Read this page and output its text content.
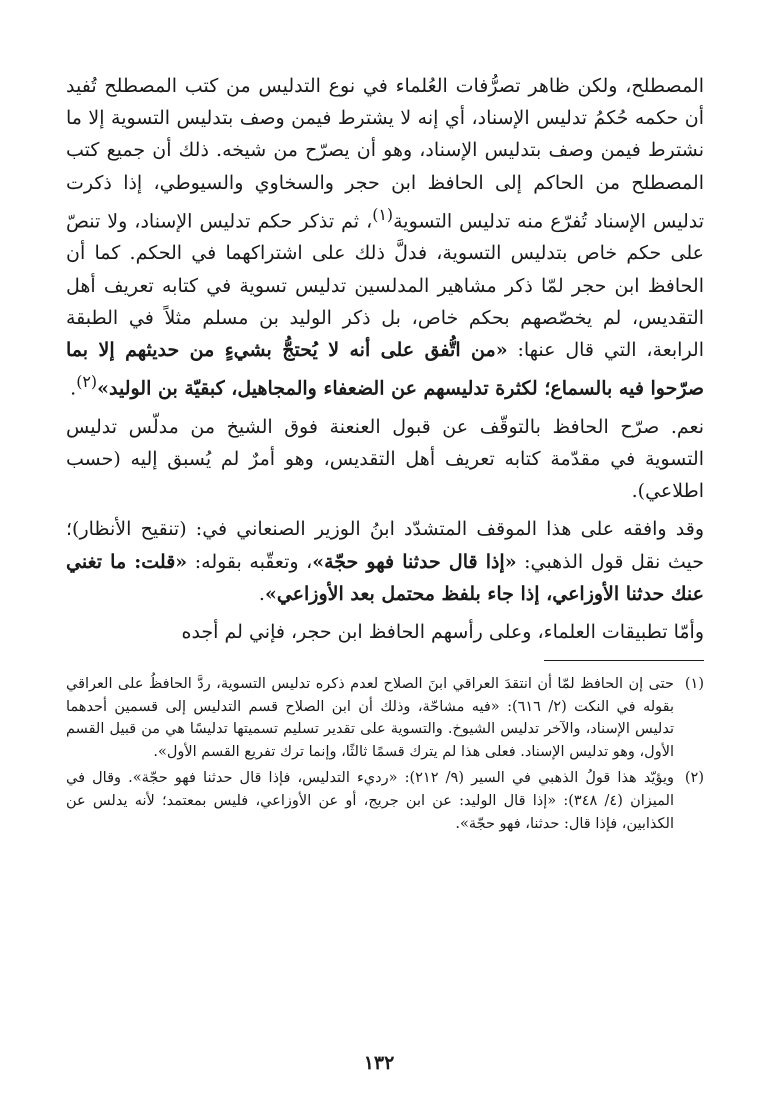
المصطلح، ولكن ظاهر تصرُّفات العُلماء في نوع التدليس من كتب المصطلح تُفيد أن حكمه حُكمُ تدليس الإسناد، أي إنه لا يشترط فيمن وصف بتدليس التسوية إلا ما نشترط فيمن وصف بتدليس الإسناد، وهو أن يصرّح من شيخه. ذلك أن جميع كتب المصطلح من الحاكم إلى الحافظ ابن حجر والسخاوي والسيوطي، إذا ذكرت تدليس الإسناد تُفرّع منه تدليس التسوية$^{(١)}$، ثم تذكر حكم تدليس الإسناد، ولا تنصّ على حكم خاص بتدليس التسوية، فدلَّ ذلك على اشتراكهما في الحكم. كما أن الحافظ ابن حجر لمّا ذكر مشاهير المدلسين تدليس تسوية في كتابه تعريف أهل التقديس، لم يخصّصهم بحكم خاص، بل ذكر الوليد بن مسلم مثلاً في الطبقة الرابعة، التي قال عنها: «من اتُّفق على أنه لا يُحتجُّ بشيءٍ من حديثهم إلا بما صرّحوا فيه بالسماع؛ لكثرة تدليسهم عن الضعفاء والمجاهيل، كبقيّة بن الوليد»$^{(٢)}$.

نعم. صرّح الحافظ بالتوقّف عن قبول العنعنة فوق الشيخ من مدلّس تدليس التسوية في مقدّمة كتابه تعريف أهل التقديس، وهو أمرٌ لم يُسبق إليه (حسب اطلاعي).

وقد وافقه على هذا الموقف المتشدّد ابنُ الوزير الصنعاني في: (تنقيح الأنظار)؛ حيث نقل قول الذهبي: «إذا قال حدثنا فهو حجّة»، وتعقّبه بقوله: «قلت: ما تغني عنك حدثنا الأوزاعي، إذا جاء بلفظ محتمل بعد الأوزاعي».

وأمّا تطبيقات العلماء، وعلى رأسهم الحافظ ابن حجر، فإني لم أجده

(١)
حتى إن الحافظ لمّا أن انتقدَ العراقي ابنَ الصلاح لعدم ذكره تدليس التسوية، ردَّ الحافظُ على العراقي بقوله في النكت (٢/ ٦١٦): «فيه مشاحّة، وذلك أن ابن الصلاح قسم التدليس إلى قسمين أحدهما تدليس الإسناد، والآخر تدليس الشيوخ. والتسوية على تقدير تسليم تسميتها تدليسًا هي من قبيل القسم الأول، وهو تدليس الإسناد. فعلى هذا لم يترك قسمًا ثالثًا، وإنما ترك تفريع القسم الأول».
(٢)
ويؤيّد هذا قولُ الذهبي في السير (٩/ ٢١٢): «رديء التدليس، فإذا قال حدثنا فهو حجّة». وقال في الميزان (٤/ ٣٤٨): «إذا قال الوليد: عن ابن جريج، أو عن الأوزاعي، فليس بمعتمد؛ لأنه يدلس عن الكذابين، فإذا قال: حدثنا، فهو حجّة».
١٣٢
